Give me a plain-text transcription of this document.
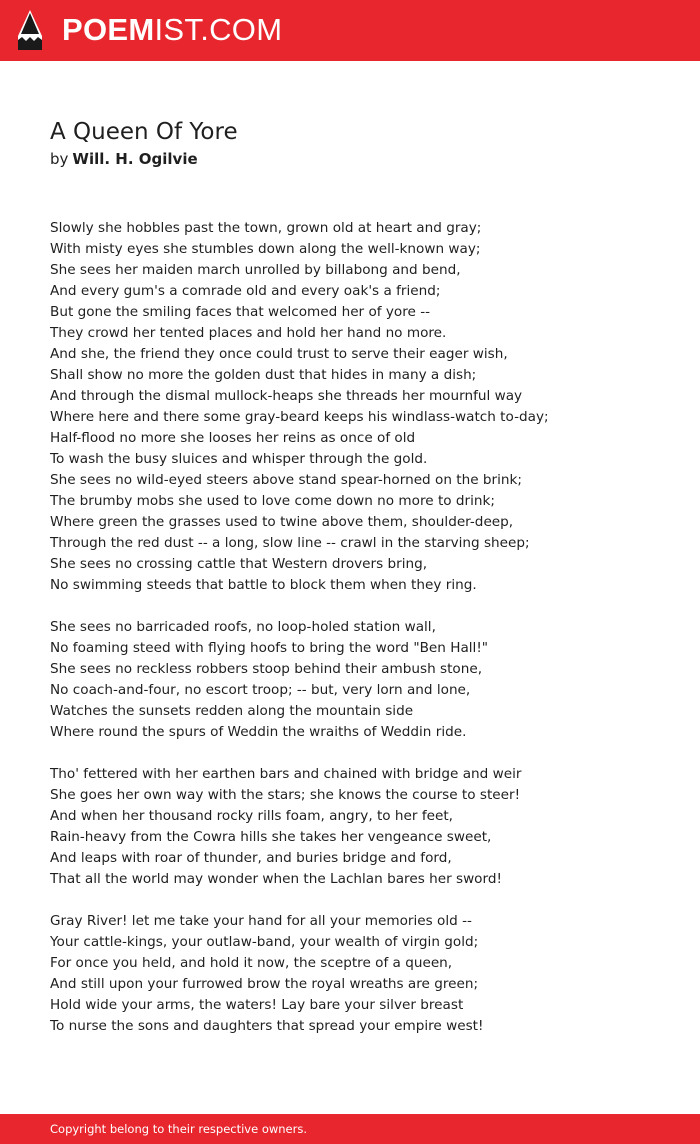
POEMIST.COM
A Queen Of Yore
by Will. H. Ogilvie
Slowly she hobbles past the town, grown old at heart and gray;
With misty eyes she stumbles down along the well-known way;
She sees her maiden march unrolled by billabong and bend,
And every gum's a comrade old and every oak's a friend;
But gone the smiling faces that welcomed her of yore --
They crowd her tented places and hold her hand no more.
And she, the friend they once could trust to serve their eager wish,
Shall show no more the golden dust that hides in many a dish;
And through the dismal mullock-heaps she threads her mournful way
Where here and there some gray-beard keeps his windlass-watch to-day;
Half-flood no more she looses her reins as once of old
To wash the busy sluices and whisper through the gold.
She sees no wild-eyed steers above stand spear-horned on the brink;
The brumby mobs she used to love come down no more to drink;
Where green the grasses used to twine above them, shoulder-deep,
Through the red dust -- a long, slow line -- crawl in the starving sheep;
She sees no crossing cattle that Western drovers bring,
No swimming steeds that battle to block them when they ring.
She sees no barricaded roofs, no loop-holed station wall,
No foaming steed with flying hoofs to bring the word "Ben Hall!"
She sees no reckless robbers stoop behind their ambush stone,
No coach-and-four, no escort troop; -- but, very lorn and lone,
Watches the sunsets redden along the mountain side
Where round the spurs of Weddin the wraiths of Weddin ride.
Tho' fettered with her earthen bars and chained with bridge and weir
She goes her own way with the stars; she knows the course to steer!
And when her thousand rocky rills foam, angry, to her feet,
Rain-heavy from the Cowra hills she takes her vengeance sweet,
And leaps with roar of thunder, and buries bridge and ford,
That all the world may wonder when the Lachlan bares her sword!
Gray River! let me take your hand for all your memories old --
Your cattle-kings, your outlaw-band, your wealth of virgin gold;
For once you held, and hold it now, the sceptre of a queen,
And still upon your furrowed brow the royal wreaths are green;
Hold wide your arms, the waters! Lay bare your silver breast
To nurse the sons and daughters that spread your empire west!
Copyright belong to their respective owners.
